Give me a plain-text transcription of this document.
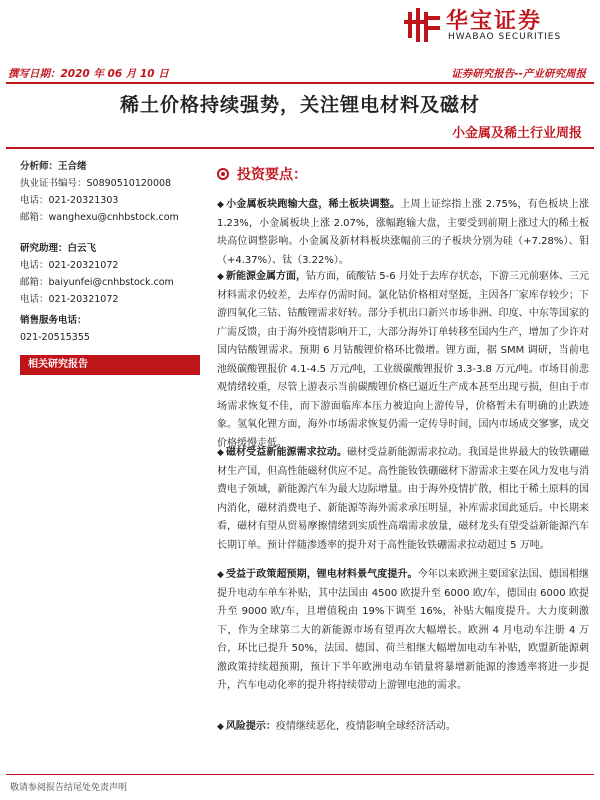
华宝证券
HWABAO SECURITIES
撰写日期：2020 年 06 月 10 日	证券研究报告--产业研究周报
稀土价格持续强势，关注锂电材料及磁材
小金属及稀土行业周报
分析师：王合绪
执业证书编号：S0890510120008
电话：021-20321303
邮箱：wanghexu@cnhbstock.com
研究助理：白云飞
电话：021-20321072
邮箱：baiyunfei@cnhbstock.com
电话：021-20321072
销售服务电话：
021-20515355
相关研究报告
投资要点：

◆ 小金属板块跑输大盘，稀土板块调整。上周上证综指上涨 2.75%，有色板块上涨 1.23%，小金属板块上涨 2.07%，涨幅跑输大盘，主要受到前期上涨过大的稀土板块高位调整影响。小金属及新材料板块涨幅前三的子板块分别为硅（+7.28%）、钼（+4.37%）、钛（3.22%）。

◆ 新能源金属方面，钴方面，硫酸钴 5-6 月处于去库存状态，下游三元前驱体、三元材料需求仍较差，去库存仍需时间。氯化钴价格相对坚挺，主因各厂家库存较少；下游四氧化三钴、钴酸锂需求好转。部分手机出口新兴市场非洲、印度、中东等国家的广需反馈，由于海外疫情影响开工，大部分海外订单转移至国内生产，增加了少许对国内钴酸锂需求。预期 6 月钴酸锂价格环比微增。锂方面，据 SMM 调研，当前电池级碳酸锂报价 4.1-4.5 万元/吨，工业级碳酸锂报价 3.3-3.8 万元/吨。市场目前悲观情绪较重，尽管上游表示当前碳酸锂价格已逼近生产成本甚至出现亏损，但由于市场需求恢复不佳，而下游面临库本压力被迫向上游传导，价格暂未有明确的止跌迹象。氢氧化锂方面，海外市场需求恢复仍需一定传导时间，国内市场成交寥寥，成交价格缓慢走低。

◆ 磁材受益新能源需求拉动。磁材受益新能源需求拉动。我国是世界最大的钕铁硼磁材生产国，但高性能磁材供应不足。高性能钕铁硼磁材下游需求主要在风力发电与消费电子领域，新能源汽车为最大边际增量。由于海外疫情扩散，相比于稀土原料的国内消化，磁材消费电子、新能源等海外需求承压明显，补库需求国此延后。中长期来看，磁材有望从贸易摩擦情绪到实质性高端需求放量，磁材龙头有望受益新能源汽车长期订单。预计伴随渗透率的提升对于高性能钕铁硼需求拉动超过 5 万吨。

◆ 受益于政策超预期，锂电材料景气度提升。今年以来欧洲主要国家法国、德国相继提升电动车单车补贴，其中法国由 4500 欧提升至 6000 欧/车，德国由 6000 欧提升至 9000 欧/车，且增值税由 19%下调至 16%，补贴大幅度提升。大力度刺激下，作为全球第二大的新能源市场有望再次大幅增长。欧洲 4 月电动车注册 4 万台，环比已提升 50%，法国、德国、荷兰相继大幅增加电动车补贴，欧盟新能源刺激政策持续超预期，预计下半年欧洲电动车销量将暴增新能源的渗透率将进一步提升，汽车电动化率的提升将持续带动上游锂电池的需求。

◆ 风险提示：疫情继续恶化，疫情影响全球经济活动。

敬请参阅报告结尾处免责声明
